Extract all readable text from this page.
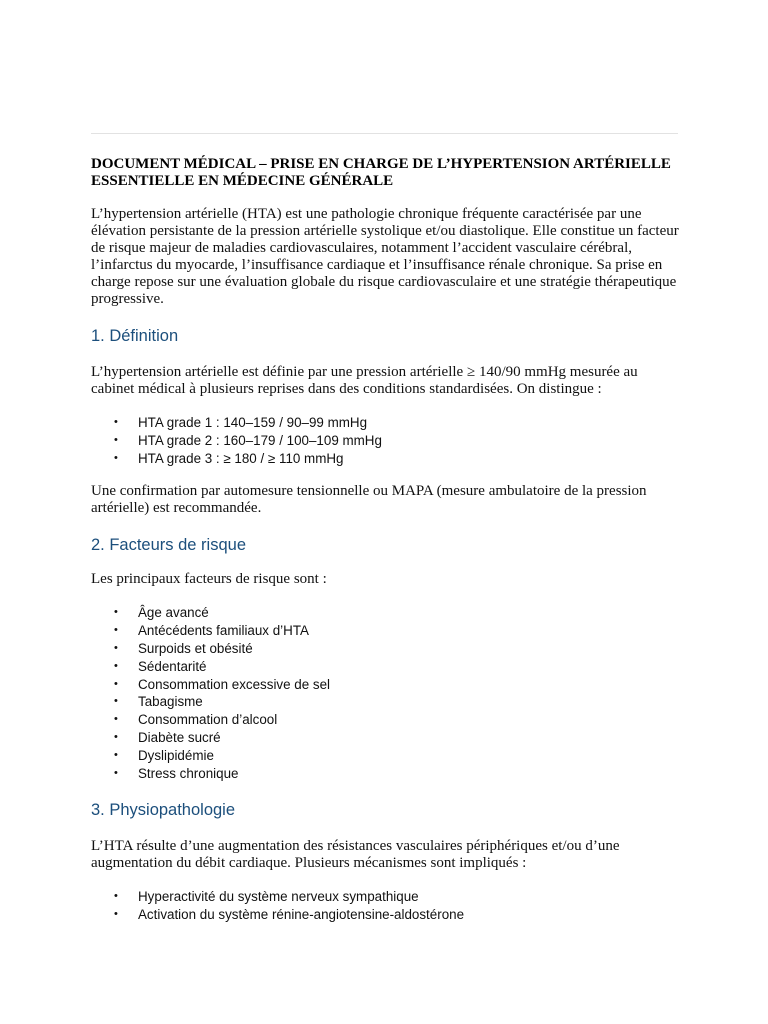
DOCUMENT MÉDICAL – PRISE EN CHARGE DE L’HYPERTENSION ARTÉRIELLE ESSENTIELLE EN MÉDECINE GÉNÉRALE

L’hypertension artérielle (HTA) est une pathologie chronique fréquente caractérisée par une élévation persistante de la pression artérielle systolique et/ou diastolique. Elle constitue un facteur de risque majeur de maladies cardiovasculaires, notamment l’accident vasculaire cérébral, l’infarctus du myocarde, l’insuffisance cardiaque et l’insuffisance rénale chronique. Sa prise en charge repose sur une évaluation globale du risque cardiovasculaire et une stratégie thérapeutique progressive.

1. Définition

L’hypertension artérielle est définie par une pression artérielle ≥ 140/90 mmHg mesurée au cabinet médical à plusieurs reprises dans des conditions standardisées. On distingue :

• HTA grade 1 : 140–159 / 90–99 mmHg
• HTA grade 2 : 160–179 / 100–109 mmHg
• HTA grade 3 : ≥ 180 / ≥ 110 mmHg

Une confirmation par automesure tensionnelle ou MAPA (mesure ambulatoire de la pression artérielle) est recommandée.

2. Facteurs de risque

Les principaux facteurs de risque sont :

• Âge avancé
• Antécédents familiaux d’HTA
• Surpoids et obésité
• Sédentarité
• Consommation excessive de sel
• Tabagisme
• Consommation d’alcool
• Diabète sucré
• Dyslipidémie
• Stress chronique
3. Physiopathologie

L’HTA résulte d’une augmentation des résistances vasculaires périphériques et/ou d’une augmentation du débit cardiaque. Plusieurs mécanismes sont impliqués :

• Hyperactivité du système nerveux sympathique
• Activation du système rénine-angiotensine-aldostérone
